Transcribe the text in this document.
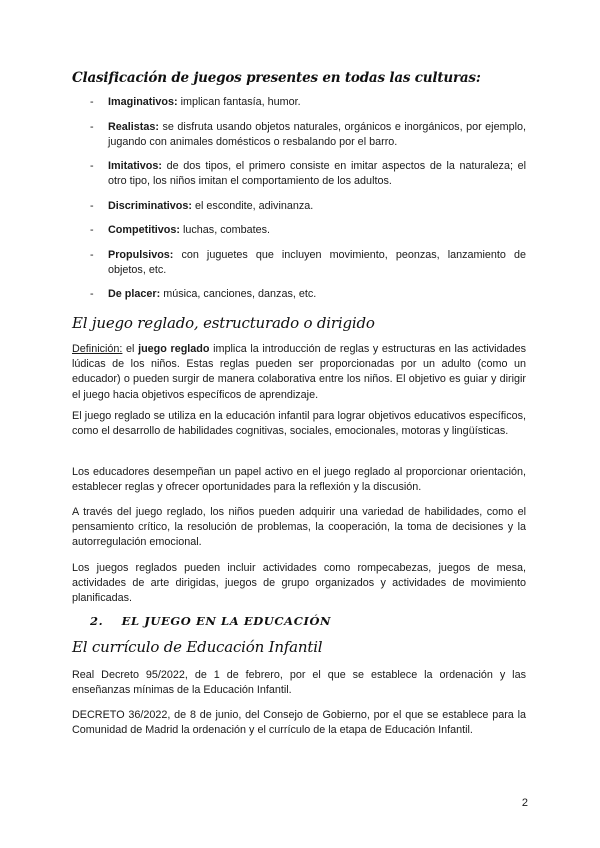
Clasificación de juegos presentes en todas las culturas:
- Imaginativos: implican fantasía, humor.
- Realistas: se disfruta usando objetos naturales, orgánicos e inorgánicos, por ejemplo, jugando con animales domésticos o resbalando por el barro.
- Imitativos: de dos tipos, el primero consiste en imitar aspectos de la naturaleza; el otro tipo, los niños imitan el comportamiento de los adultos.
- Discriminativos: el escondite, adivinanza.
- Competitivos: luchas, combates.
- Propulsivos: con juguetes que incluyen movimiento, peonzas, lanzamiento de objetos, etc.
- De placer: música, canciones, danzas, etc.
El juego reglado, estructurado o dirigido

Definición: el juego reglado implica la introducción de reglas y estructuras en las actividades lúdicas de los niños. Estas reglas pueden ser proporcionadas por un adulto (como un educador) o pueden surgir de manera colaborativa entre los niños. El objetivo es guiar y dirigir el juego hacia objetivos específicos de aprendizaje.

El juego reglado se utiliza en la educación infantil para lograr objetivos educativos específicos, como el desarrollo de habilidades cognitivas, sociales, emocionales, motoras y lingüísticas.

Los educadores desempeñan un papel activo en el juego reglado al proporcionar orientación, establecer reglas y ofrecer oportunidades para la reflexión y la discusión.

A través del juego reglado, los niños pueden adquirir una variedad de habilidades, como el pensamiento crítico, la resolución de problemas, la cooperación, la toma de decisiones y la autorregulación emocional.

Los juegos reglados pueden incluir actividades como rompecabezas, juegos de mesa, actividades de arte dirigidas, juegos de grupo organizados y actividades de movimiento planificadas.

2. EL JUEGO EN LA EDUCACIÓN
El currículo de Educación Infantil

Real Decreto 95/2022, de 1 de febrero, por el que se establece la ordenación y las enseñanzas mínimas de la Educación Infantil.

DECRETO 36/2022, de 8 de junio, del Consejo de Gobierno, por el que se establece para la Comunidad de Madrid la ordenación y el currículo de la etapa de Educación Infantil.

2
